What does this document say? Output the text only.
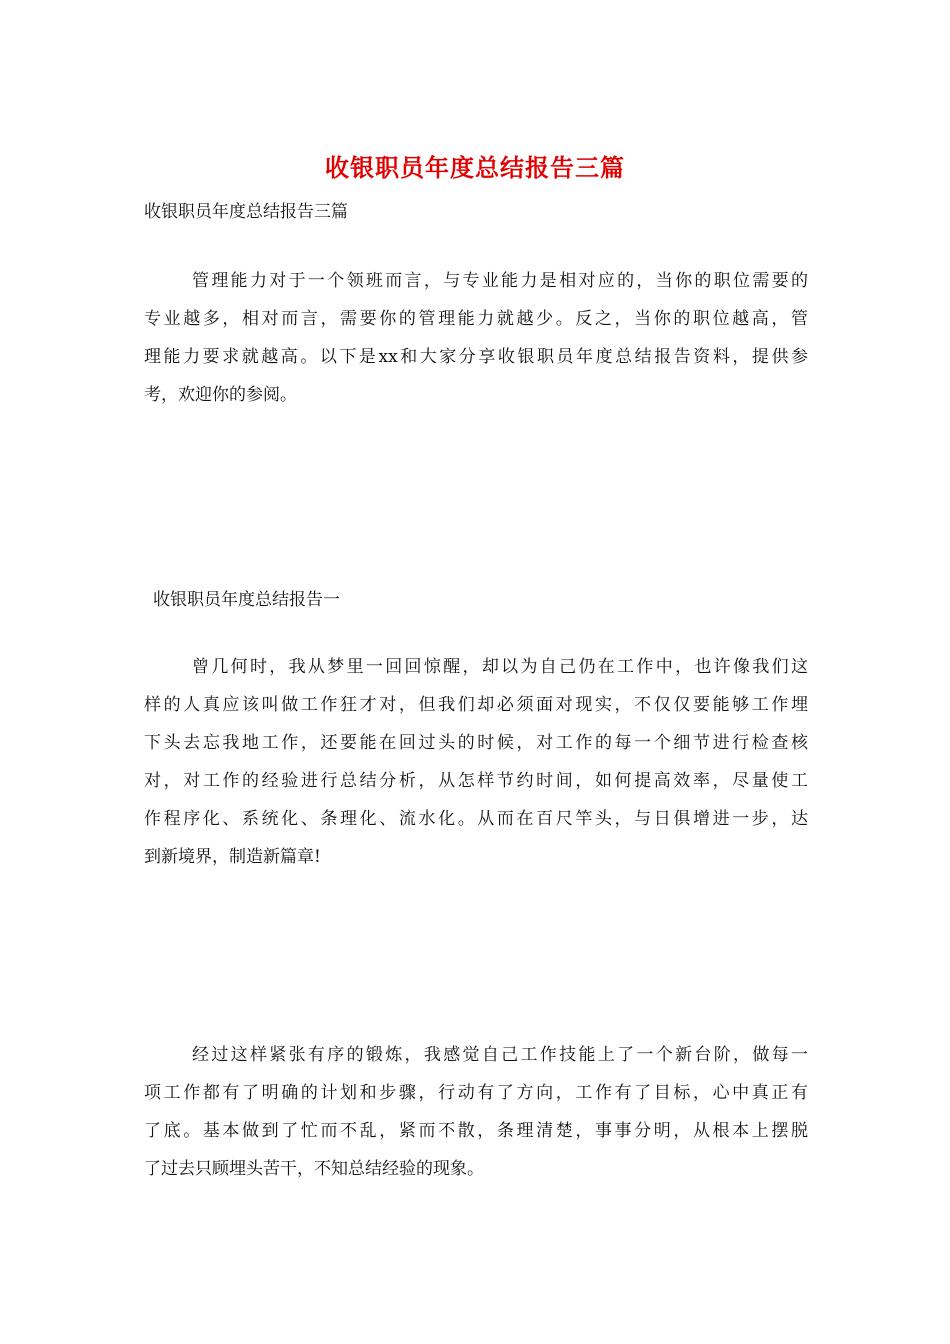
收银职员年度总结报告三篇
收银职员年度总结报告三篇
管理能力对于一个领班而言，与专业能力是相对应的，当你的职位需要的
专业越多，相对而言，需要你的管理能力就越少。反之，当你的职位越高，管
理能力要求就越高。以下是xx和大家分享收银职员年度总结报告资料，提供参
考，欢迎你的参阅。
收银职员年度总结报告一
曾几何时，我从梦里一回回惊醒，却以为自己仍在工作中，也许像我们这
样的人真应该叫做工作狂才对，但我们却必须面对现实，不仅仅要能够工作埋
下头去忘我地工作，还要能在回过头的时候，对工作的每一个细节进行检查核
对，对工作的经验进行总结分析，从怎样节约时间，如何提高效率，尽量使工
作程序化、系统化、条理化、流水化。从而在百尺竿头，与日俱增进一步，达
到新境界，制造新篇章!
经过这样紧张有序的锻炼，我感觉自己工作技能上了一个新台阶，做每一
项工作都有了明确的计划和步骤，行动有了方向，工作有了目标，心中真正有
了底。基本做到了忙而不乱，紧而不散，条理清楚，事事分明，从根本上摆脱
了过去只顾埋头苦干，不知总结经验的现象。
